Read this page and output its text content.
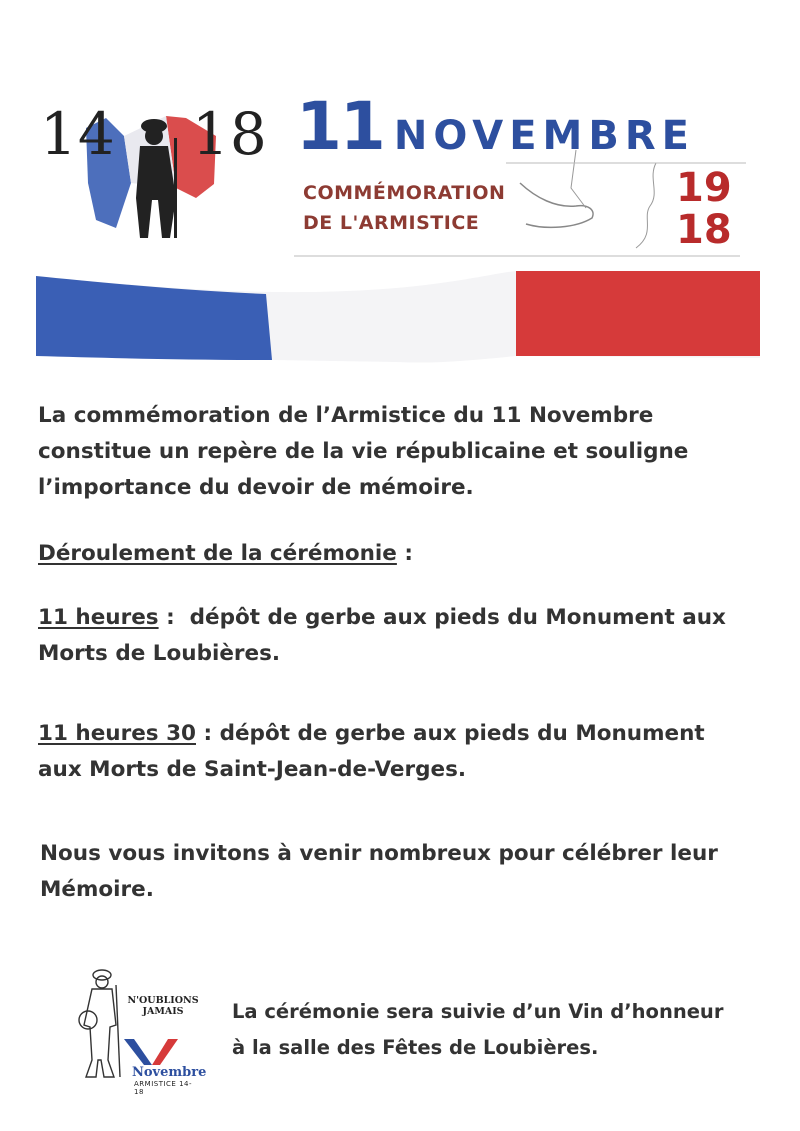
14 18 11 NOVEMBRE
COMMÉMORATION
DE L'ARMISTICE
19
18
La commémoration de l’Armistice du 11 Novembre
constitue un repère de la vie républicaine et souligne
l’importance du devoir de mémoire.
Déroulement de la cérémonie :
11 heures :  dépôt de gerbe aux pieds du Monument aux
Morts de Loubières.
11 heures 30 : dépôt de gerbe aux pieds du Monument
aux Morts de Saint-Jean-de-Verges.
Nous vous invitons à venir nombreux pour célébrer leur
Mémoire.
N'OUBLIONS
JAMAIS
Novembre
ARMISTICE 14-18
La cérémonie sera suivie d’un Vin d’honneur
à la salle des Fêtes de Loubières.
